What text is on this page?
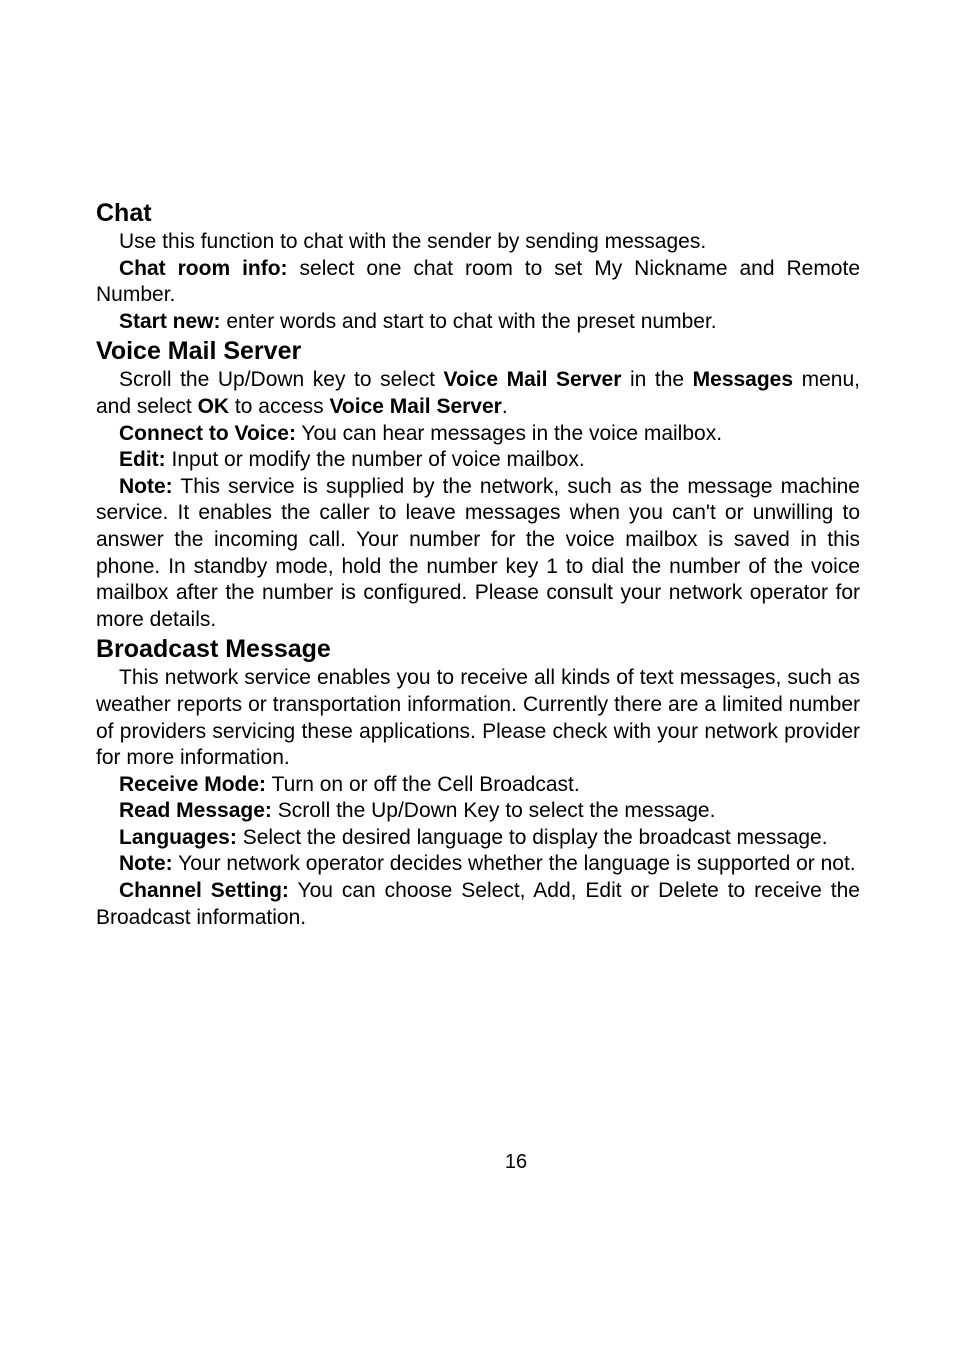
Chat

Use this function to chat with the sender by sending messages.

Chat room info: select one chat room to set My Nickname and Remote Number.

Start new: enter words and start to chat with the preset number.

Voice Mail Server

Scroll the Up/Down key to select Voice Mail Server in the Messages menu, and select OK to access Voice Mail Server.

Connect to Voice: You can hear messages in the voice mailbox.

Edit: Input or modify the number of voice mailbox.

Note: This service is supplied by the network, such as the message machine service. It enables the caller to leave messages when you can't or unwilling to answer the incoming call. Your number for the voice mailbox is saved in this phone. In standby mode, hold the number key 1 to dial the number of the voice mailbox after the number is configured. Please consult your network operator for more details.

Broadcast Message

This network service enables you to receive all kinds of text messages, such as weather reports or transportation information. Currently there are a limited number of providers servicing these applications. Please check with your network provider for more information.

Receive Mode: Turn on or off the Cell Broadcast.

Read Message: Scroll the Up/Down Key to select the message.

Languages: Select the desired language to display the broadcast message.

Note: Your network operator decides whether the language is supported or not.

Channel Setting: You can choose Select, Add, Edit or Delete to receive the Broadcast information.

16
